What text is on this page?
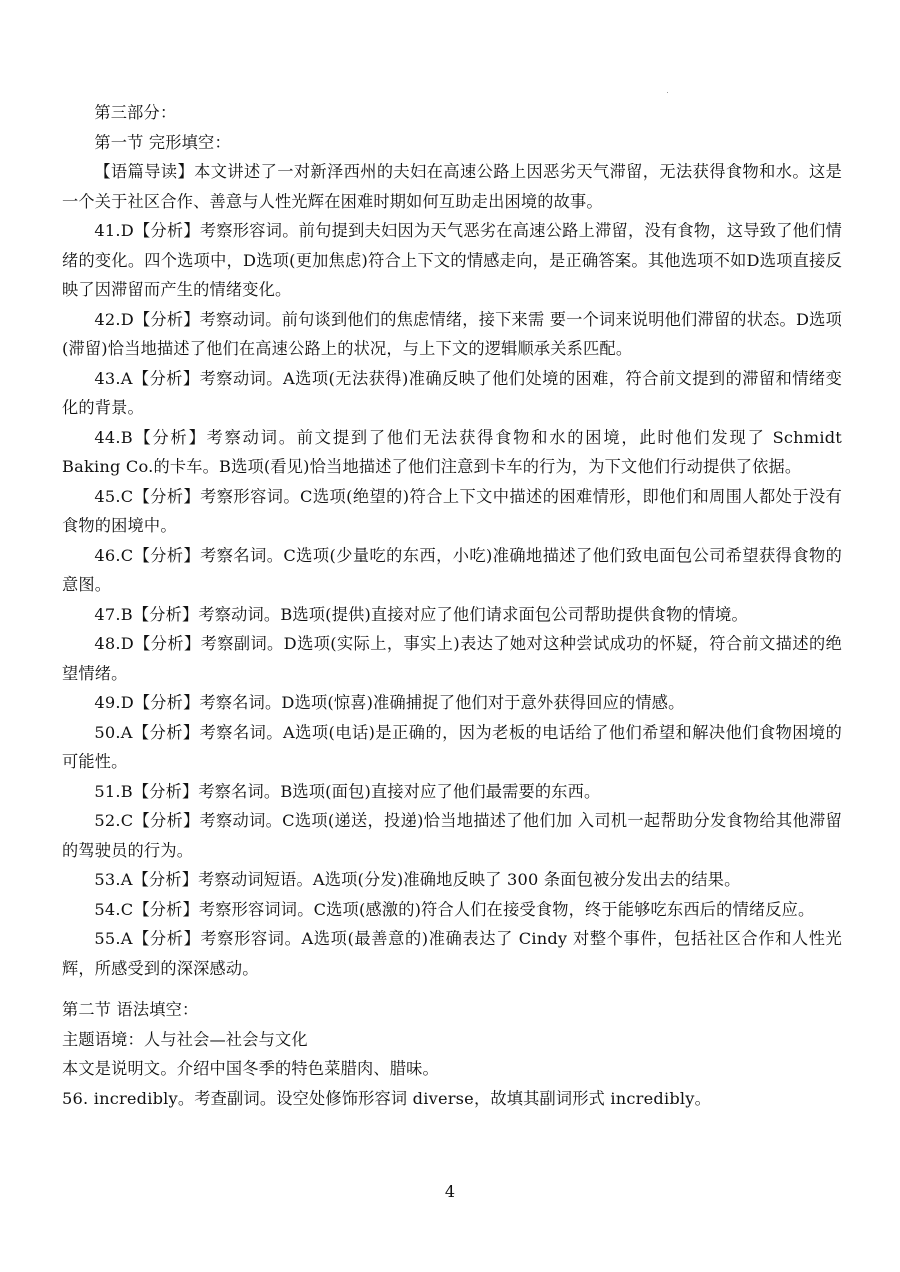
第三部分：

第一节 完形填空：

【语篇导读】本文讲述了一对新泽西州的夫妇在高速公路上因恶劣天气滞留，无法获得食物和水。这是一个关于社区合作、善意与人性光辉在困难时期如何互助走出困境的故事。

41.D【分析】考察形容词。前句提到夫妇因为天气恶劣在高速公路上滞留，没有食物，这导致了他们情绪的变化。四个选项中，D选项(更加焦虑)符合上下文的情感走向，是正确答案。其他选项不如D选项直接反映了因滞留而产生的情绪变化。

42.D【分析】考察动词。前句谈到他们的焦虑情绪，接下来需 要一个词来说明他们滞留的状态。D选项(滞留)恰当地描述了他们在高速公路上的状况，与上下文的逻辑顺承关系匹配。

43.A【分析】考察动词。A选项(无法获得)准确反映了他们处境的困难，符合前文提到的滞留和情绪变化的背景。

44.B【分析】考察动词。前文提到了他们无法获得食物和水的困境，此时他们发现了 Schmidt Baking Co.的卡车。B选项(看见)恰当地描述了他们注意到卡车的行为，为下文他们行动提供了依据。

45.C【分析】考察形容词。C选项(绝望的)符合上下文中描述的困难情形，即他们和周围人都处于没有食物的困境中。

46.C【分析】考察名词。C选项(少量吃的东西，小吃)准确地描述了他们致电面包公司希望获得食物的意图。

47.B【分析】考察动词。B选项(提供)直接对应了他们请求面包公司帮助提供食物的情境。

48.D【分析】考察副词。D选项(实际上，事实上)表达了她对这种尝试成功的怀疑，符合前文描述的绝望情绪。

49.D【分析】考察名词。D选项(惊喜)准确捕捉了他们对于意外获得回应的情感。

50.A【分析】考察名词。A选项(电话)是正确的，因为老板的电话给了他们希望和解决他们食物困境的可能性。

51.B【分析】考察名词。B选项(面包)直接对应了他们最需要的东西。

52.C【分析】考察动词。C选项(递送，投递)恰当地描述了他们加 入司机一起帮助分发食物给其他滞留的驾驶员的行为。

53.A【分析】考察动词短语。A选项(分发)准确地反映了 300 条面包被分发出去的结果。

54.C【分析】考察形容词词。C选项(感激的)符合人们在接受食物，终于能够吃东西后的情绪反应。

55.A【分析】考察形容词。A选项(最善意的)准确表达了 Cindy 对整个事件，包括社区合作和人性光辉，所感受到的深深感动。

第二节 语法填空：

主题语境：人与社会—社会与文化

本文是说明文。介绍中国冬季的特色菜腊肉、腊味。

56. incredibly。考查副词。设空处修饰形容词 diverse，故填其副词形式 incredibly。

4
